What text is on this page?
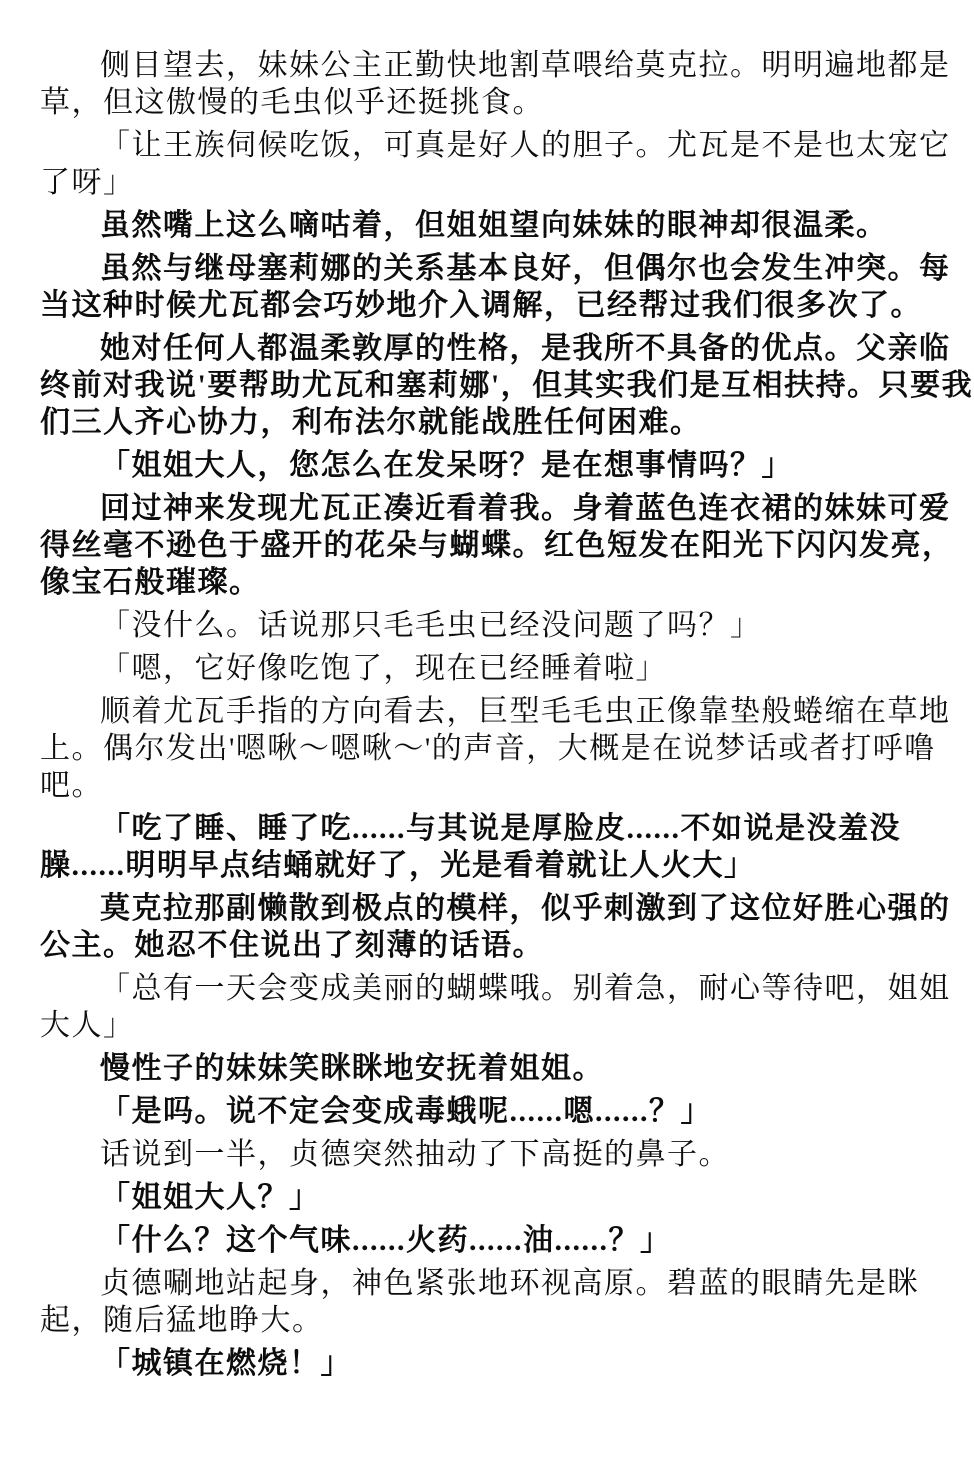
侧目望去，妹妹公主正勤快地割草喂给莫克拉。明明遍地都是
草，但这傲慢的毛虫似乎还挺挑食。

「让王族伺候吃饭，可真是好人的胆子。尤瓦是不是也太宠它
了呀」

虽然嘴上这么嘀咕着，但姐姐望向妹妹的眼神却很温柔。

虽然与继母塞莉娜的关系基本良好，但偶尔也会发生冲突。每
当这种时候尤瓦都会巧妙地介入调解，已经帮过我们很多次了。

她对任何人都温柔敦厚的性格，是我所不具备的优点。父亲临
终前对我说'要帮助尤瓦和塞莉娜'，但其实我们是互相扶持。只要我
们三人齐心协力，利布法尔就能战胜任何困难。

「姐姐大人，您怎么在发呆呀？是在想事情吗？」

回过神来发现尤瓦正凑近看着我。身着蓝色连衣裙的妹妹可爱
得丝毫不逊色于盛开的花朵与蝴蝶。红色短发在阳光下闪闪发亮，
像宝石般璀璨。

「没什么。话说那只毛毛虫已经没问题了吗？」

「嗯，它好像吃饱了，现在已经睡着啦」

顺着尤瓦手指的方向看去，巨型毛毛虫正像靠垫般蜷缩在草地
上。偶尔发出'嗯啾～嗯啾～'的声音，大概是在说梦话或者打呼噜
吧。

「吃了睡、睡了吃......与其说是厚脸皮......不如说是没羞没
臊......明明早点结蛹就好了，光是看着就让人火大」

莫克拉那副懒散到极点的模样，似乎刺激到了这位好胜心强的
公主。她忍不住说出了刻薄的话语。

「总有一天会变成美丽的蝴蝶哦。别着急，耐心等待吧，姐姐
大人」

慢性子的妹妹笑眯眯地安抚着姐姐。

「是吗。说不定会变成毒蛾呢......嗯......？」

话说到一半，贞德突然抽动了下高挺的鼻子。

「姐姐大人？」

「什么？这个气味......火药......油......？」

贞德唰地站起身，神色紧张地环视高原。碧蓝的眼睛先是眯
起，随后猛地睁大。

「城镇在燃烧！」
